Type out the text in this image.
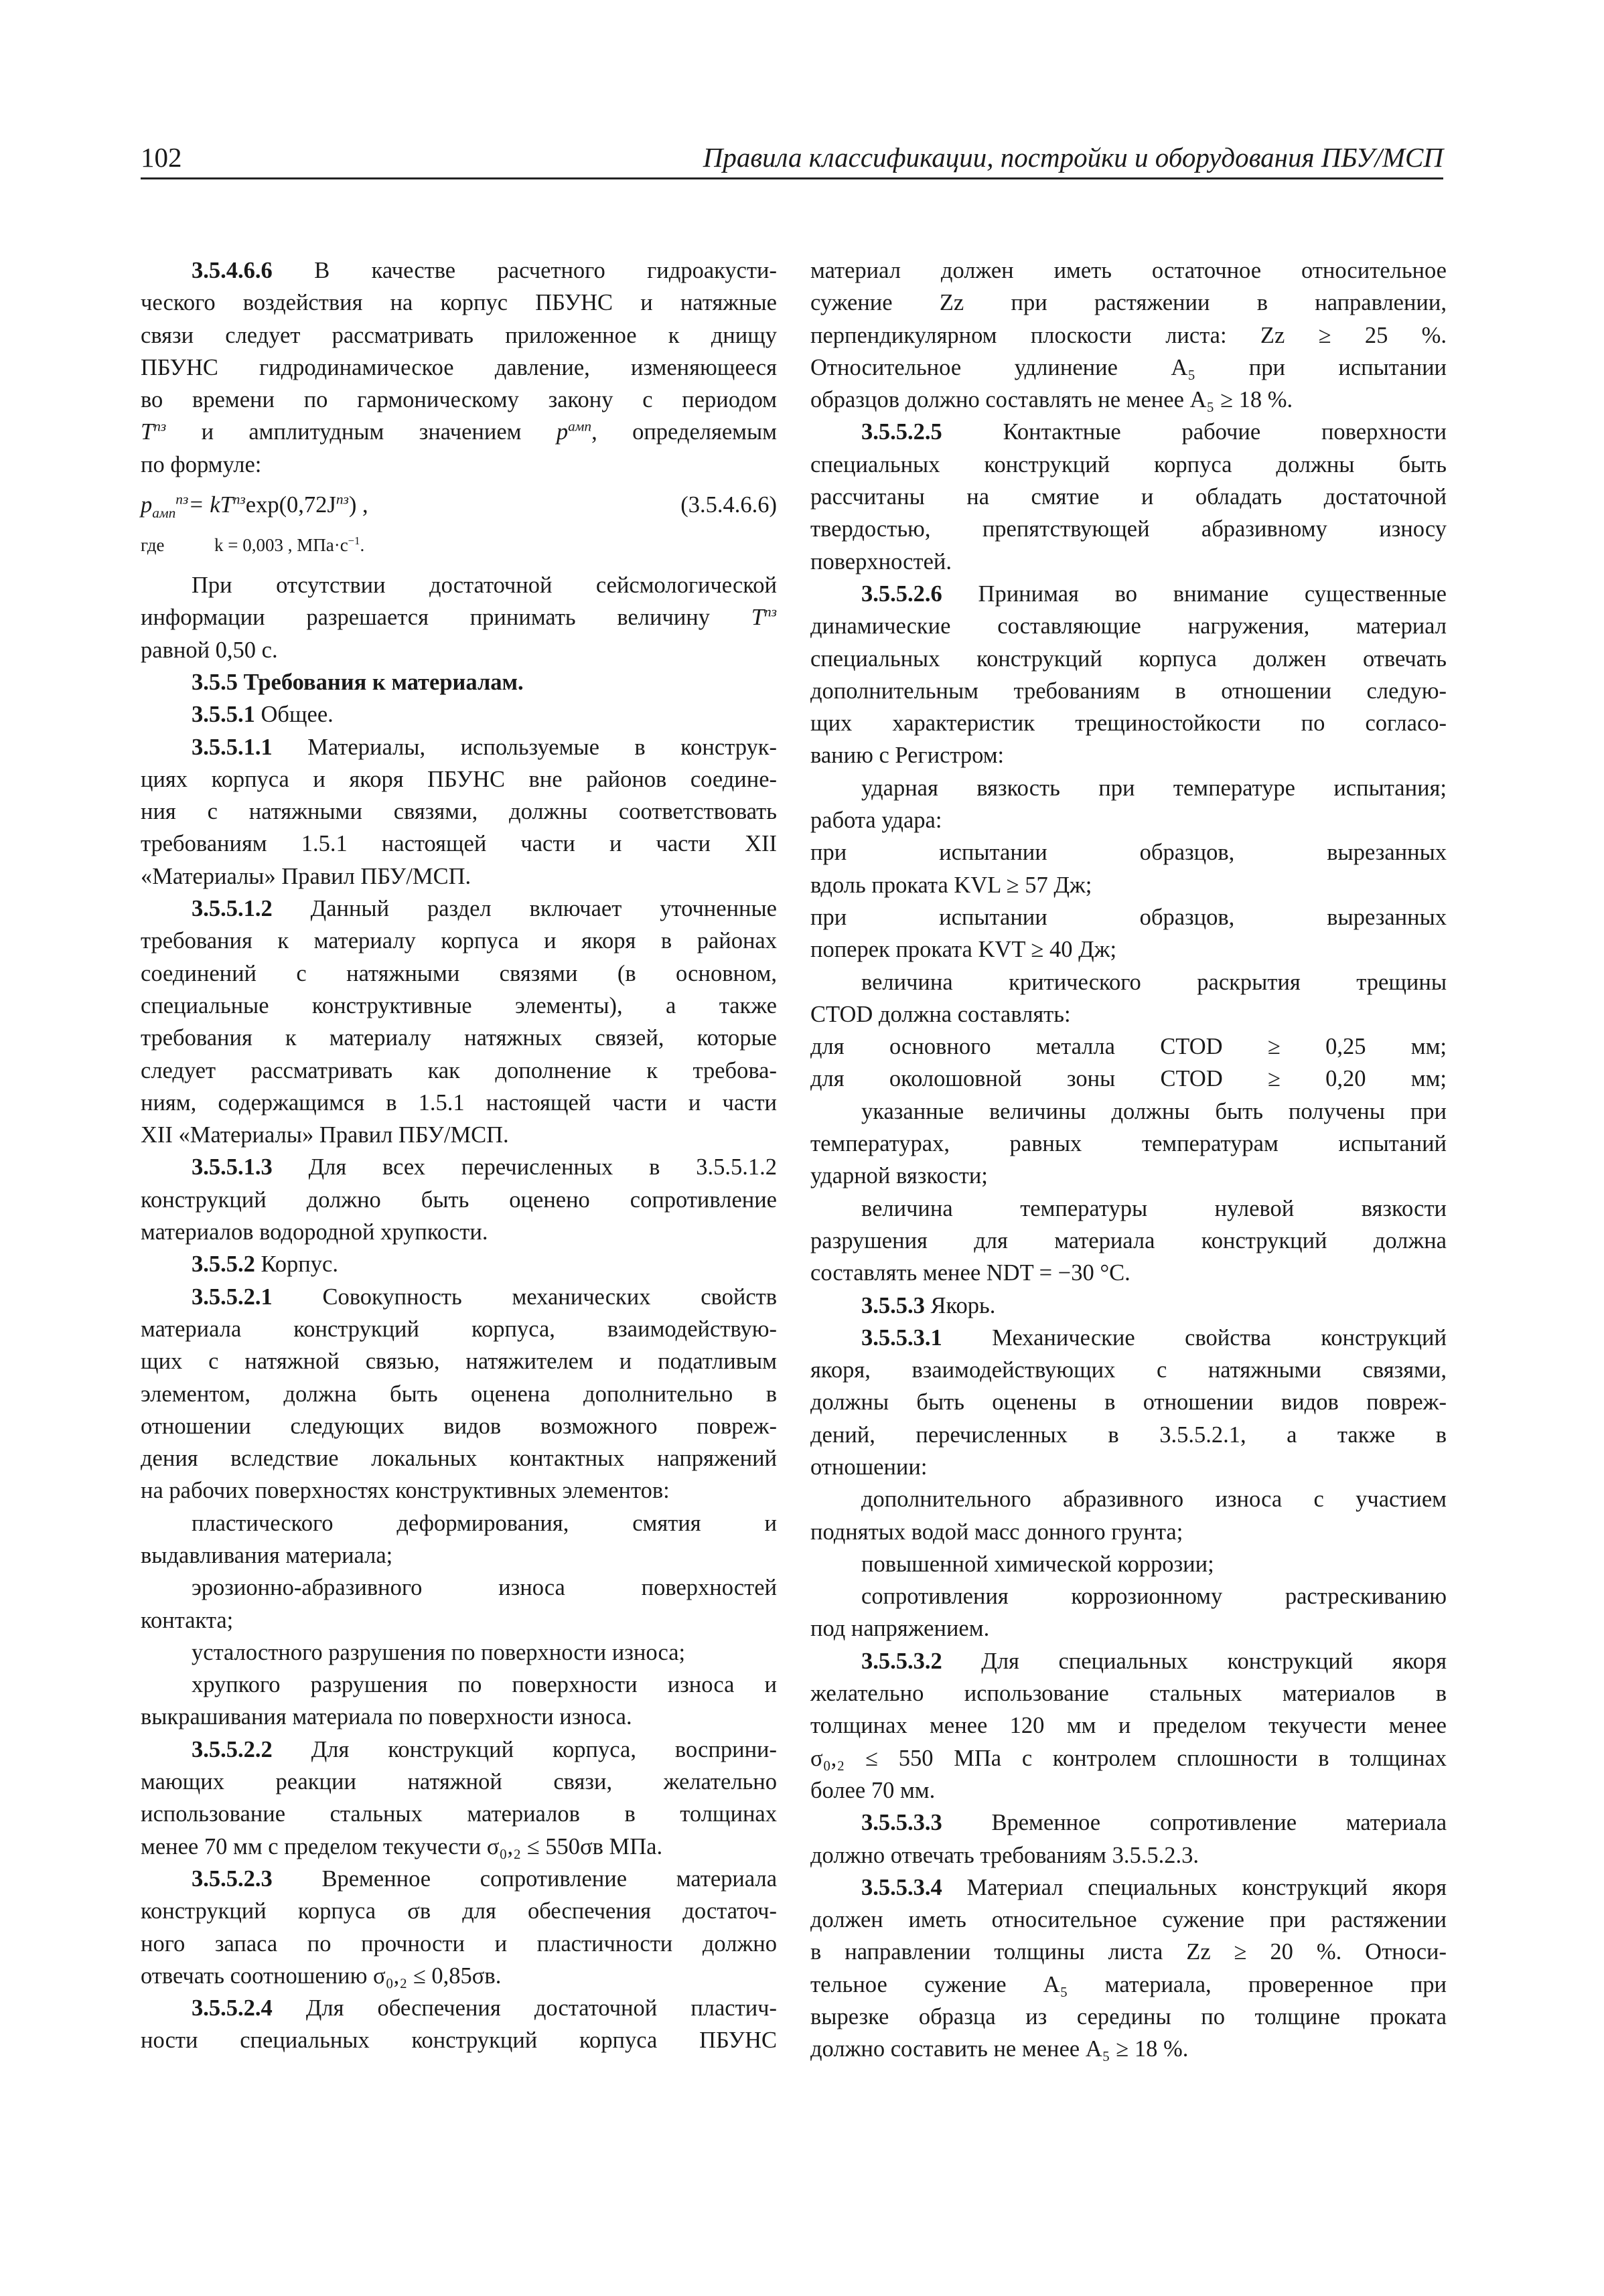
102	Правила классификации, постройки и оборудования ПБУ/МСП

3.5.4.6.6 В качестве расчетного гидроакусти-

ческого воздействия на корпус ПБУНС и натяжные

связи следует рассматривать приложенное к днищу

ПБУНС гидродинамическое давление, изменяющееся

во времени по гармоническому закону с периодом

$T^{пз}$ и амплитудным значением $p^{амп}$, определяемым

по формуле:

$p_{амп}^{пз}= kT^{пз}\exp(0,72J^{пз})$ ,	(3.5.4.6.6)
где	k = 0,003 , $МПа\cdot с^{-1}$.

При отсутствии достаточной сейсмологической

информации разрешается принимать величину $T^{пз}$

равной 0,50 с.

3.5.5 Требования к материалам.

3.5.5.1 Общее.

3.5.5.1.1 Материалы, используемые в конструк-

циях корпуса и якоря ПБУНС вне районов соедине-

ния с натяжными связями, должны соответствовать

требованиям 1.5.1 настоящей части и части XII

«Материалы» Правил ПБУ/МСП.

3.5.5.1.2 Данный раздел включает уточненные

требования к материалу корпуса и якоря в районах

соединений с натяжными связями (в основном,

специальные конструктивные элементы), а также

требования к материалу натяжных связей, которые

следует рассматривать как дополнение к требова-

ниям, содержащимся в 1.5.1 настоящей части и части

XII «Материалы» Правил ПБУ/МСП.

3.5.5.1.3 Для всех перечисленных в 3.5.5.1.2

конструкций должно быть оценено сопротивление

материалов водородной хрупкости.

3.5.5.2 Корпус.

3.5.5.2.1 Совокупность механических свойств

материала конструкций корпуса, взаимодействую-

щих с натяжной связью, натяжителем и податливым

элементом, должна быть оценена дополнительно в

отношении следующих видов возможного повреж-

дения вследствие локальных контактных напряжений

на рабочих поверхностях конструктивных элементов:

пластического деформирования, смятия и

выдавливания материала;

эрозионно-абразивного износа поверхностей

контакта;

усталостного разрушения по поверхности износа;

хрупкого разрушения по поверхности износа и

выкрашивания материала по поверхности износа.

3.5.5.2.2 Для конструкций корпуса, восприни-

мающих реакции натяжной связи, желательно

использование стальных материалов в толщинах

менее 70 мм с пределом текучести σ₀,₂ ≤ 550σв МПа.

3.5.5.2.3 Временное сопротивление материала

конструкций корпуса σв для обеспечения достаточ-

ного запаса по прочности и пластичности должно

отвечать соотношению σ₀,₂ ≤ 0,85σв.

3.5.5.2.4 Для обеспечения достаточной пластич-

ности специальных конструкций корпуса ПБУНС

материал должен иметь остаточное относительное

сужение Zz при растяжении в направлении,

перпендикулярном плоскости листа: Zz ≥ 25 %.

Относительное удлинение A₅ при испытании

образцов должно составлять не менее A₅ ≥ 18 %.

3.5.5.2.5	Контактные рабочие поверхности

специальных конструкций корпуса должны быть

рассчитаны на смятие и обладать достаточной

твердостью, препятствующей абразивному износу

поверхностей.

3.5.5.2.6 Принимая во внимание существенные

динамические составляющие нагружения, материал

специальных конструкций корпуса должен отвечать

дополнительным требованиям в отношении следую-

щих характеристик трещиностойкости по согласо-

ванию с Регистром:

ударная вязкость при температуре испытания;

работа удара:

при испытании образцов, вырезанных

вдоль проката KVL ≥ 57 Дж;

при испытании образцов, вырезанных

поперек проката KVT ≥ 40 Дж;

величина критического раскрытия трещины

CTOD должна составлять:

для основного металла CTOD ≥ 0,25 мм;

для околошовной зоны CTOD ≥ 0,20 мм;

указанные величины должны быть получены при

температурах, равных температурам испытаний

ударной вязкости;

величина температуры нулевой вязкости

разрушения для материала конструкций должна

составлять менее NDT = −30 °С.

3.5.5.3 Якорь.

3.5.5.3.1 Механические свойства конструкций

якоря, взаимодействующих с натяжными связями,

должны быть оценены в отношении видов повреж-

дений, перечисленных в 3.5.5.2.1, а также в

отношении:

дополнительного абразивного износа с участием

поднятых водой масс донного грунта;

повышенной химической коррозии;

сопротивления коррозионному растрескиванию

под напряжением.

3.5.5.3.2 Для специальных конструкций якоря

желательно использование стальных материалов в

толщинах менее 120 мм и пределом текучести менее

σ₀,₂ ≤ 550 МПа с контролем сплошности в толщинах

более 70 мм.

3.5.5.3.3 Временное сопротивление материала

должно отвечать требованиям 3.5.5.2.3.

3.5.5.3.4 Материал специальных конструкций якоря

должен иметь относительное сужение при растяжении

в направлении толщины листа Zz ≥ 20 %. Относи-

тельное сужение A₅ материала, проверенное при

вырезке образца из середины по толщине проката

должно составить не менее A₅ ≥ 18 %.
